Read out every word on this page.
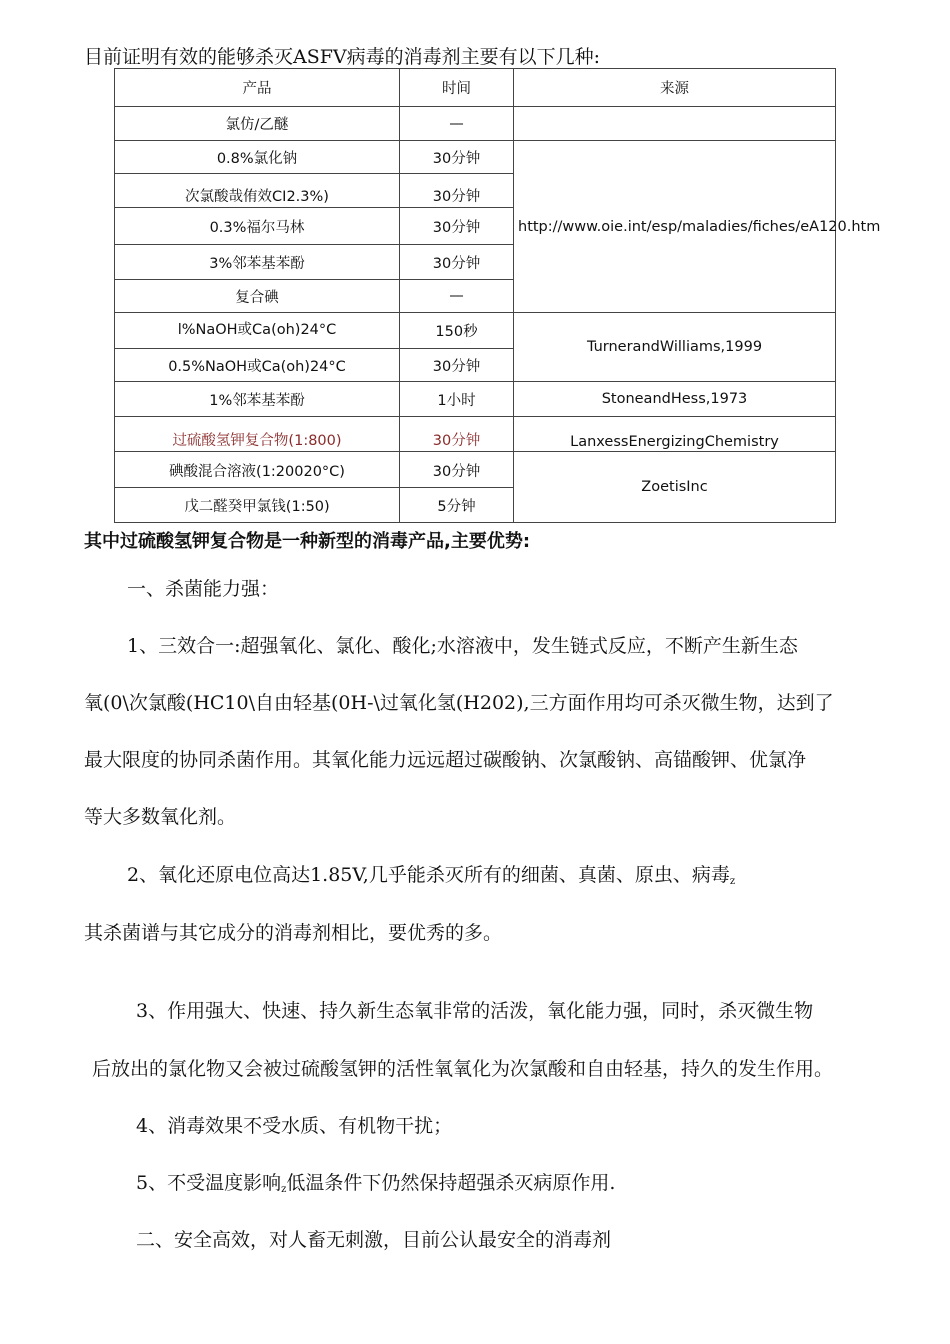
目前证明有效的能够杀灭ASFV病毒的消毒剂主要有以下几种:
产品	时间	来源
氯仿/乙醚	—	
0.8%氯化钠	30分钟	http://www.oie.int/esp/maladies/fiches/eA120.htm
次氯酸哉侑效CI2.3%)	30分钟	
0.3%福尔马林	30分钟	
3%邻苯基苯酚	30分钟	
复合碘	—	
l%NaOH或Ca(oh)24°C	150秒	TurnerandWilliams,1999
0.5%NaOH或Ca(oh)24°C	30分钟	
1%邻苯基苯酚	1小时	StoneandHess,1973
过硫酸氢钾复合物(1:800)	30分钟	LanxessEnergizingChemistry
碘酸混合溶液(1:20020°C)	30分钟	ZoetisInc
戊二醛癸甲氯钱(1:50)	5分钟	
其中过硫酸氢钾复合物是一种新型的消毒产品,主要优势:
一、杀菌能力强：
1、三效合一:超强氧化、氯化、酸化;水溶液中，发生链式反应，不断产生新生态
氧(0\次氯酸(HC10\自由轻基(0H-\过氧化氢(H202),三方面作用均可杀灭微生物，达到了
最大限度的协同杀菌作用。其氧化能力远远超过碳酸钠、次氯酸钠、高锚酸钾、优氯净
等大多数氧化剂。
2、氧化还原电位高达1.85V,几乎能杀灭所有的细菌、真菌、原虫、病毒$_z$
其杀菌谱与其它成分的消毒剂相比，要优秀的多。
3、作用强大、快速、持久新生态氧非常的活泼，氧化能力强，同时，杀灭微生物
后放出的氯化物又会被过硫酸氢钾的活性氧氧化为次氯酸和自由轻基，持久的发生作用。
4、消毒效果不受水质、有机物干扰；
5、不受温度影响$_z$低温条件下仍然保持超强杀灭病原作用.
二、安全高效，对人畜无刺激，目前公认最安全的消毒剂
